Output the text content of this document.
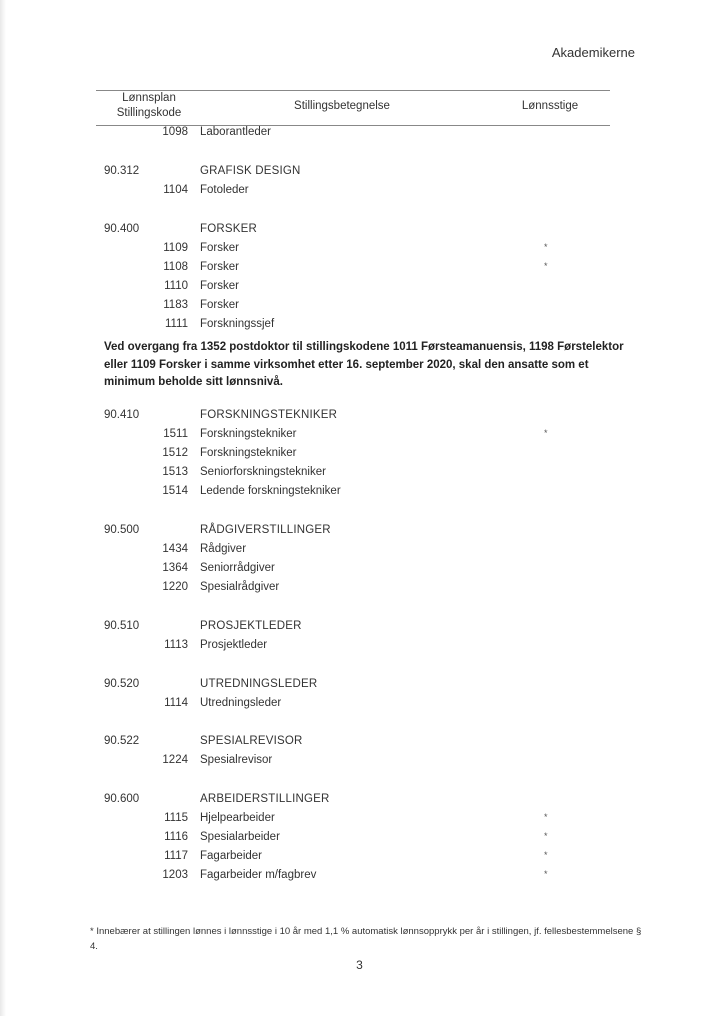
Akademikerne
Lønnsplan
Stillingskode
Stillingsbetegnelse	Lønnsstige
1098 Laborantleder
90.312	GRAFISK DESIGN
1104 Fotoleder
90.400	FORSKER
1109 Forsker	*
1108 Forsker	*
1110 Forsker
1183 Forsker
1111 Forskningssjef
90.410	FORSKNINGSTEKNIKER
1511 Forskningstekniker	*
1512 Forskningstekniker
1513 Seniorforskningstekniker
1514 Ledende forskningstekniker
90.500	RÅDGIVERSTILLINGER
1434 Rådgiver
1364 Seniorrådgiver
1220 Spesialrådgiver
90.510	PROSJEKTLEDER
1113 Prosjektleder
90.520	UTREDNINGSLEDER
1114 Utredningsleder
90.522	SPESIALREVISOR
1224 Spesialrevisor
90.600	ARBEIDERSTILLINGER
1115 Hjelpearbeider	*
1116 Spesialarbeider	*
1117 Fagarbeider	*
1203 Fagarbeider m/fagbrev	*
Ved overgang fra 1352 postdoktor til stillingskodene 1011 Førsteamanuensis, 1198 Førstelektor eller 1109 Forsker i samme virksomhet etter 16. september 2020, skal den ansatte som et minimum beholde sitt lønnsnivå.
* Innebærer at stillingen lønnes i lønnsstige i 10 år med 1,1 % automatisk lønnsopprykk per år i stillingen, jf. fellesbestemmelsene § 4.
3
